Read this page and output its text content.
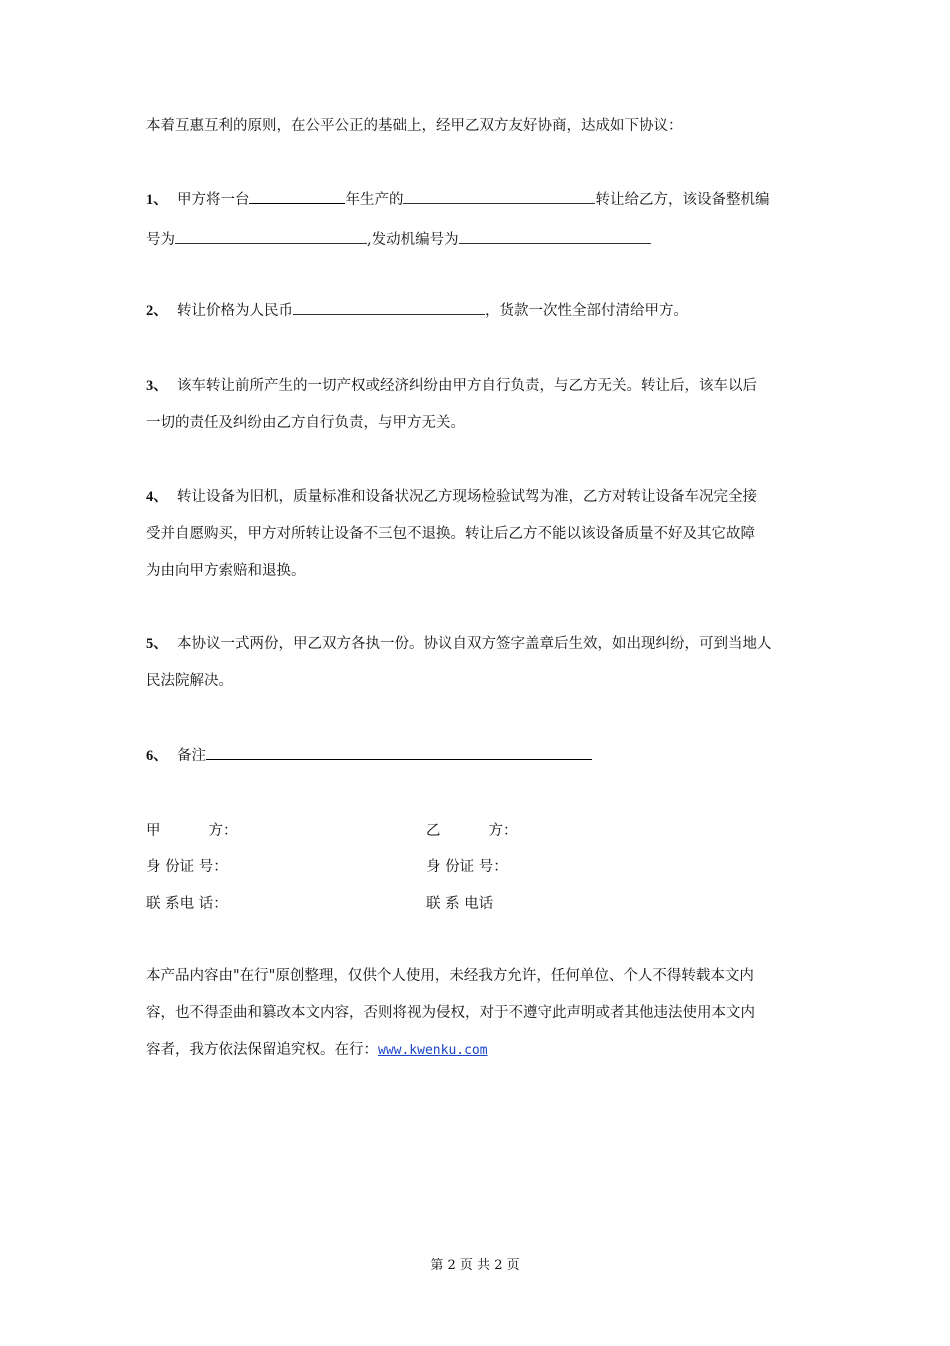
本着互惠互利的原则，在公平公正的基础上，经甲乙双方友好协商，达成如下协议：
1、 甲方将一台	年生产的	转让给乙方，该设备整机编
号为	,发动机编号为
2、 转让价格为人民币	，货款一次性全部付清给甲方。
3、 该车转让前所产生的一切产权或经济纠纷由甲方自行负责，与乙方无关。转让后，该车以后
一切的责任及纠纷由乙方自行负责，与甲方无关。
4、 转让设备为旧机，质量标准和设备状况乙方现场检验试驾为准，乙方对转让设备车况完全接
受并自愿购买，甲方对所转让设备不三包不退换。转让后乙方不能以该设备质量不好及其它故障
为由向甲方索赔和退换。
5、 本协议一式两份，甲乙双方各执一份。协议自双方签字盖章后生效，如出现纠纷，可到当地人
民法院解决。
6、 备注
甲	方：	乙	方：
身 份证 号：	身 份证 号：
联 系电 话：	联 系 电话
本产品内容由"在行"原创整理，仅供个人使用，未经我方允许，任何单位、个人不得转载本文内
容，也不得歪曲和篡改本文内容，否则将视为侵权，对于不遵守此声明或者其他违法使用本文内
容者，我方依法保留追究权。在行：www.kwenku.com
第 2 页 共 2 页
